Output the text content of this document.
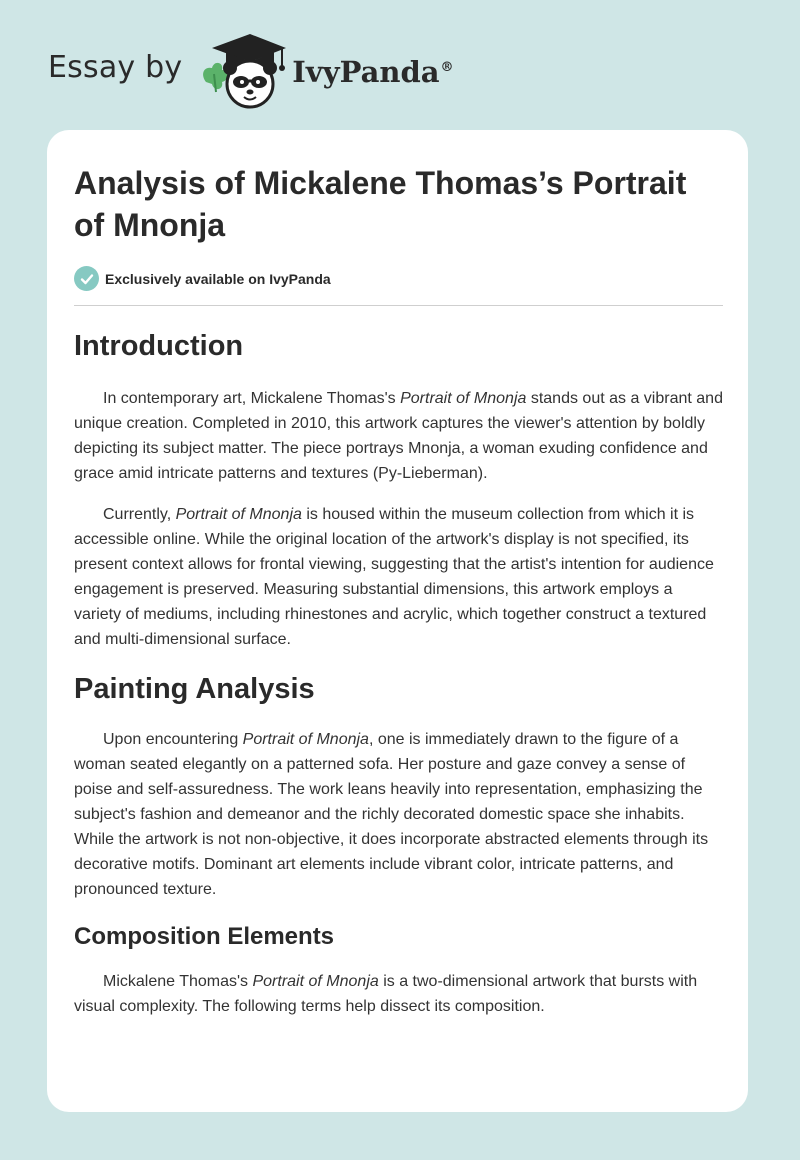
Essay by	IvyPanda®
Analysis of Mickalene Thomas’s Portrait of Mnonja
Exclusively available on IvyPanda
Introduction

In contemporary art, Mickalene Thomas's Portrait of Mnonja stands out as a vibrant and unique creation. Completed in 2010, this artwork captures the viewer's attention by boldly depicting its subject matter. The piece portrays Mnonja, a woman exuding confidence and grace amid intricate patterns and textures (Py-Lieberman).

Currently, Portrait of Mnonja is housed within the museum collection from which it is accessible online. While the original location of the artwork's display is not specified, its present context allows for frontal viewing, suggesting that the artist's intention for audience engagement is preserved. Measuring substantial dimensions, this artwork employs a variety of mediums, including rhinestones and acrylic, which together construct a textured and multi-dimensional surface.

Painting Analysis

Upon encountering Portrait of Mnonja, one is immediately drawn to the figure of a woman seated elegantly on a patterned sofa. Her posture and gaze convey a sense of poise and self-assuredness. The work leans heavily into representation, emphasizing the subject's fashion and demeanor and the richly decorated domestic space she inhabits. While the artwork is not non-objective, it does incorporate abstracted elements through its decorative motifs. Dominant art elements include vibrant color, intricate patterns, and pronounced texture.

Composition Elements

Mickalene Thomas's Portrait of Mnonja is a two-dimensional artwork that bursts with visual complexity. The following terms help dissect its composition.
